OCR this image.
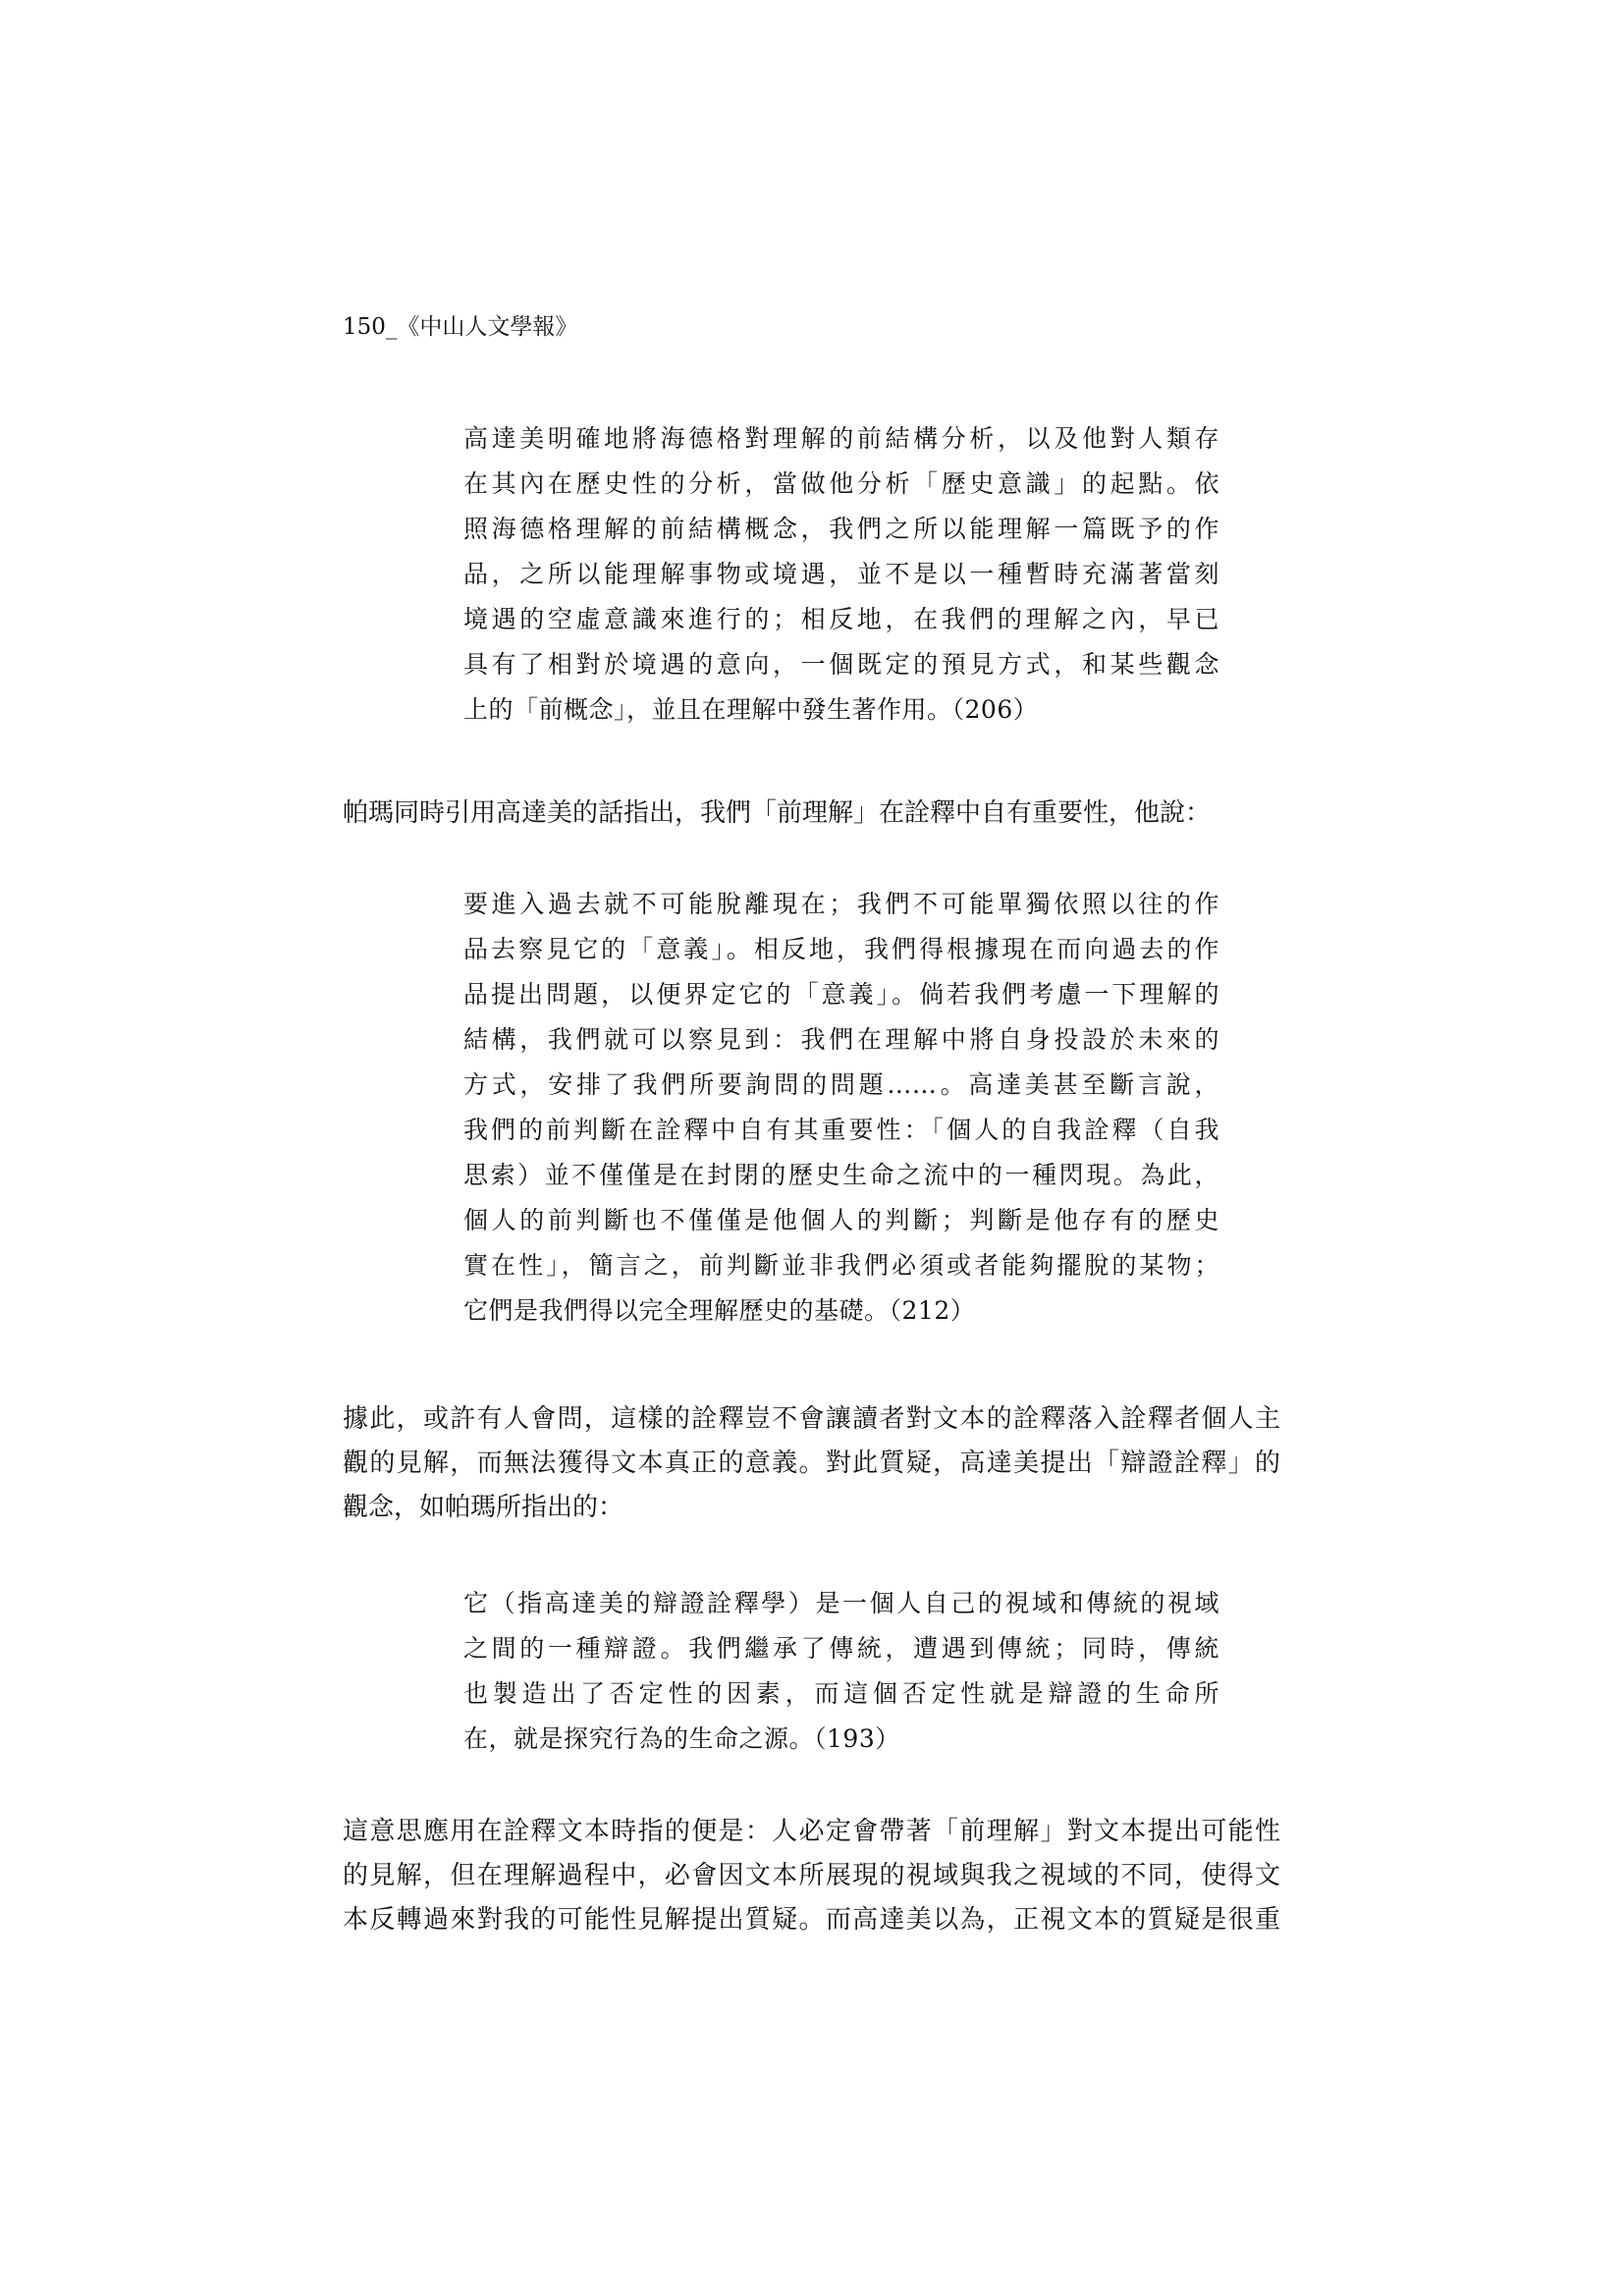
150_《中山人文學報》
高達美明確地將海德格對理解的前結構分析，以及他對人類存
在其內在歷史性的分析，當做他分析「歷史意識」的起點。依
照海德格理解的前結構概念，我們之所以能理解一篇既予的作
品，之所以能理解事物或境遇，並不是以一種暫時充滿著當刻
境遇的空虛意識來進行的；相反地，在我們的理解之內，早已
具有了相對於境遇的意向，一個既定的預見方式，和某些觀念
上的「前概念」，並且在理解中發生著作用。（206）
帕瑪同時引用高達美的話指出，我們「前理解」在詮釋中自有重要性，他說：
要進入過去就不可能脫離現在；我們不可能單獨依照以往的作
品去察見它的「意義」。相反地，我們得根據現在而向過去的作
品提出問題，以便界定它的「意義」。倘若我們考慮一下理解的
結構，我們就可以察見到：我們在理解中將自身投設於未來的
方式，安排了我們所要詢問的問題……。高達美甚至斷言說，
我們的前判斷在詮釋中自有其重要性：「個人的自我詮釋（自我
思索）並不僅僅是在封閉的歷史生命之流中的一種閃現。為此，
個人的前判斷也不僅僅是他個人的判斷；判斷是他存有的歷史
實在性」，簡言之，前判斷並非我們必須或者能夠擺脫的某物；
它們是我們得以完全理解歷史的基礎。（212）
據此，或許有人會問，這樣的詮釋豈不會讓讀者對文本的詮釋落入詮釋者個人主
觀的見解，而無法獲得文本真正的意義。對此質疑，高達美提出「辯證詮釋」的
觀念，如帕瑪所指出的：
它（指高達美的辯證詮釋學）是一個人自己的視域和傳統的視域
之間的一種辯證。我們繼承了傳統，遭遇到傳統；同時，傳統
也製造出了否定性的因素，而這個否定性就是辯證的生命所
在，就是探究行為的生命之源。（193）
這意思應用在詮釋文本時指的便是：人必定會帶著「前理解」對文本提出可能性
的見解，但在理解過程中，必會因文本所展現的視域與我之視域的不同，使得文
本反轉過來對我的可能性見解提出質疑。而高達美以為，正視文本的質疑是很重
